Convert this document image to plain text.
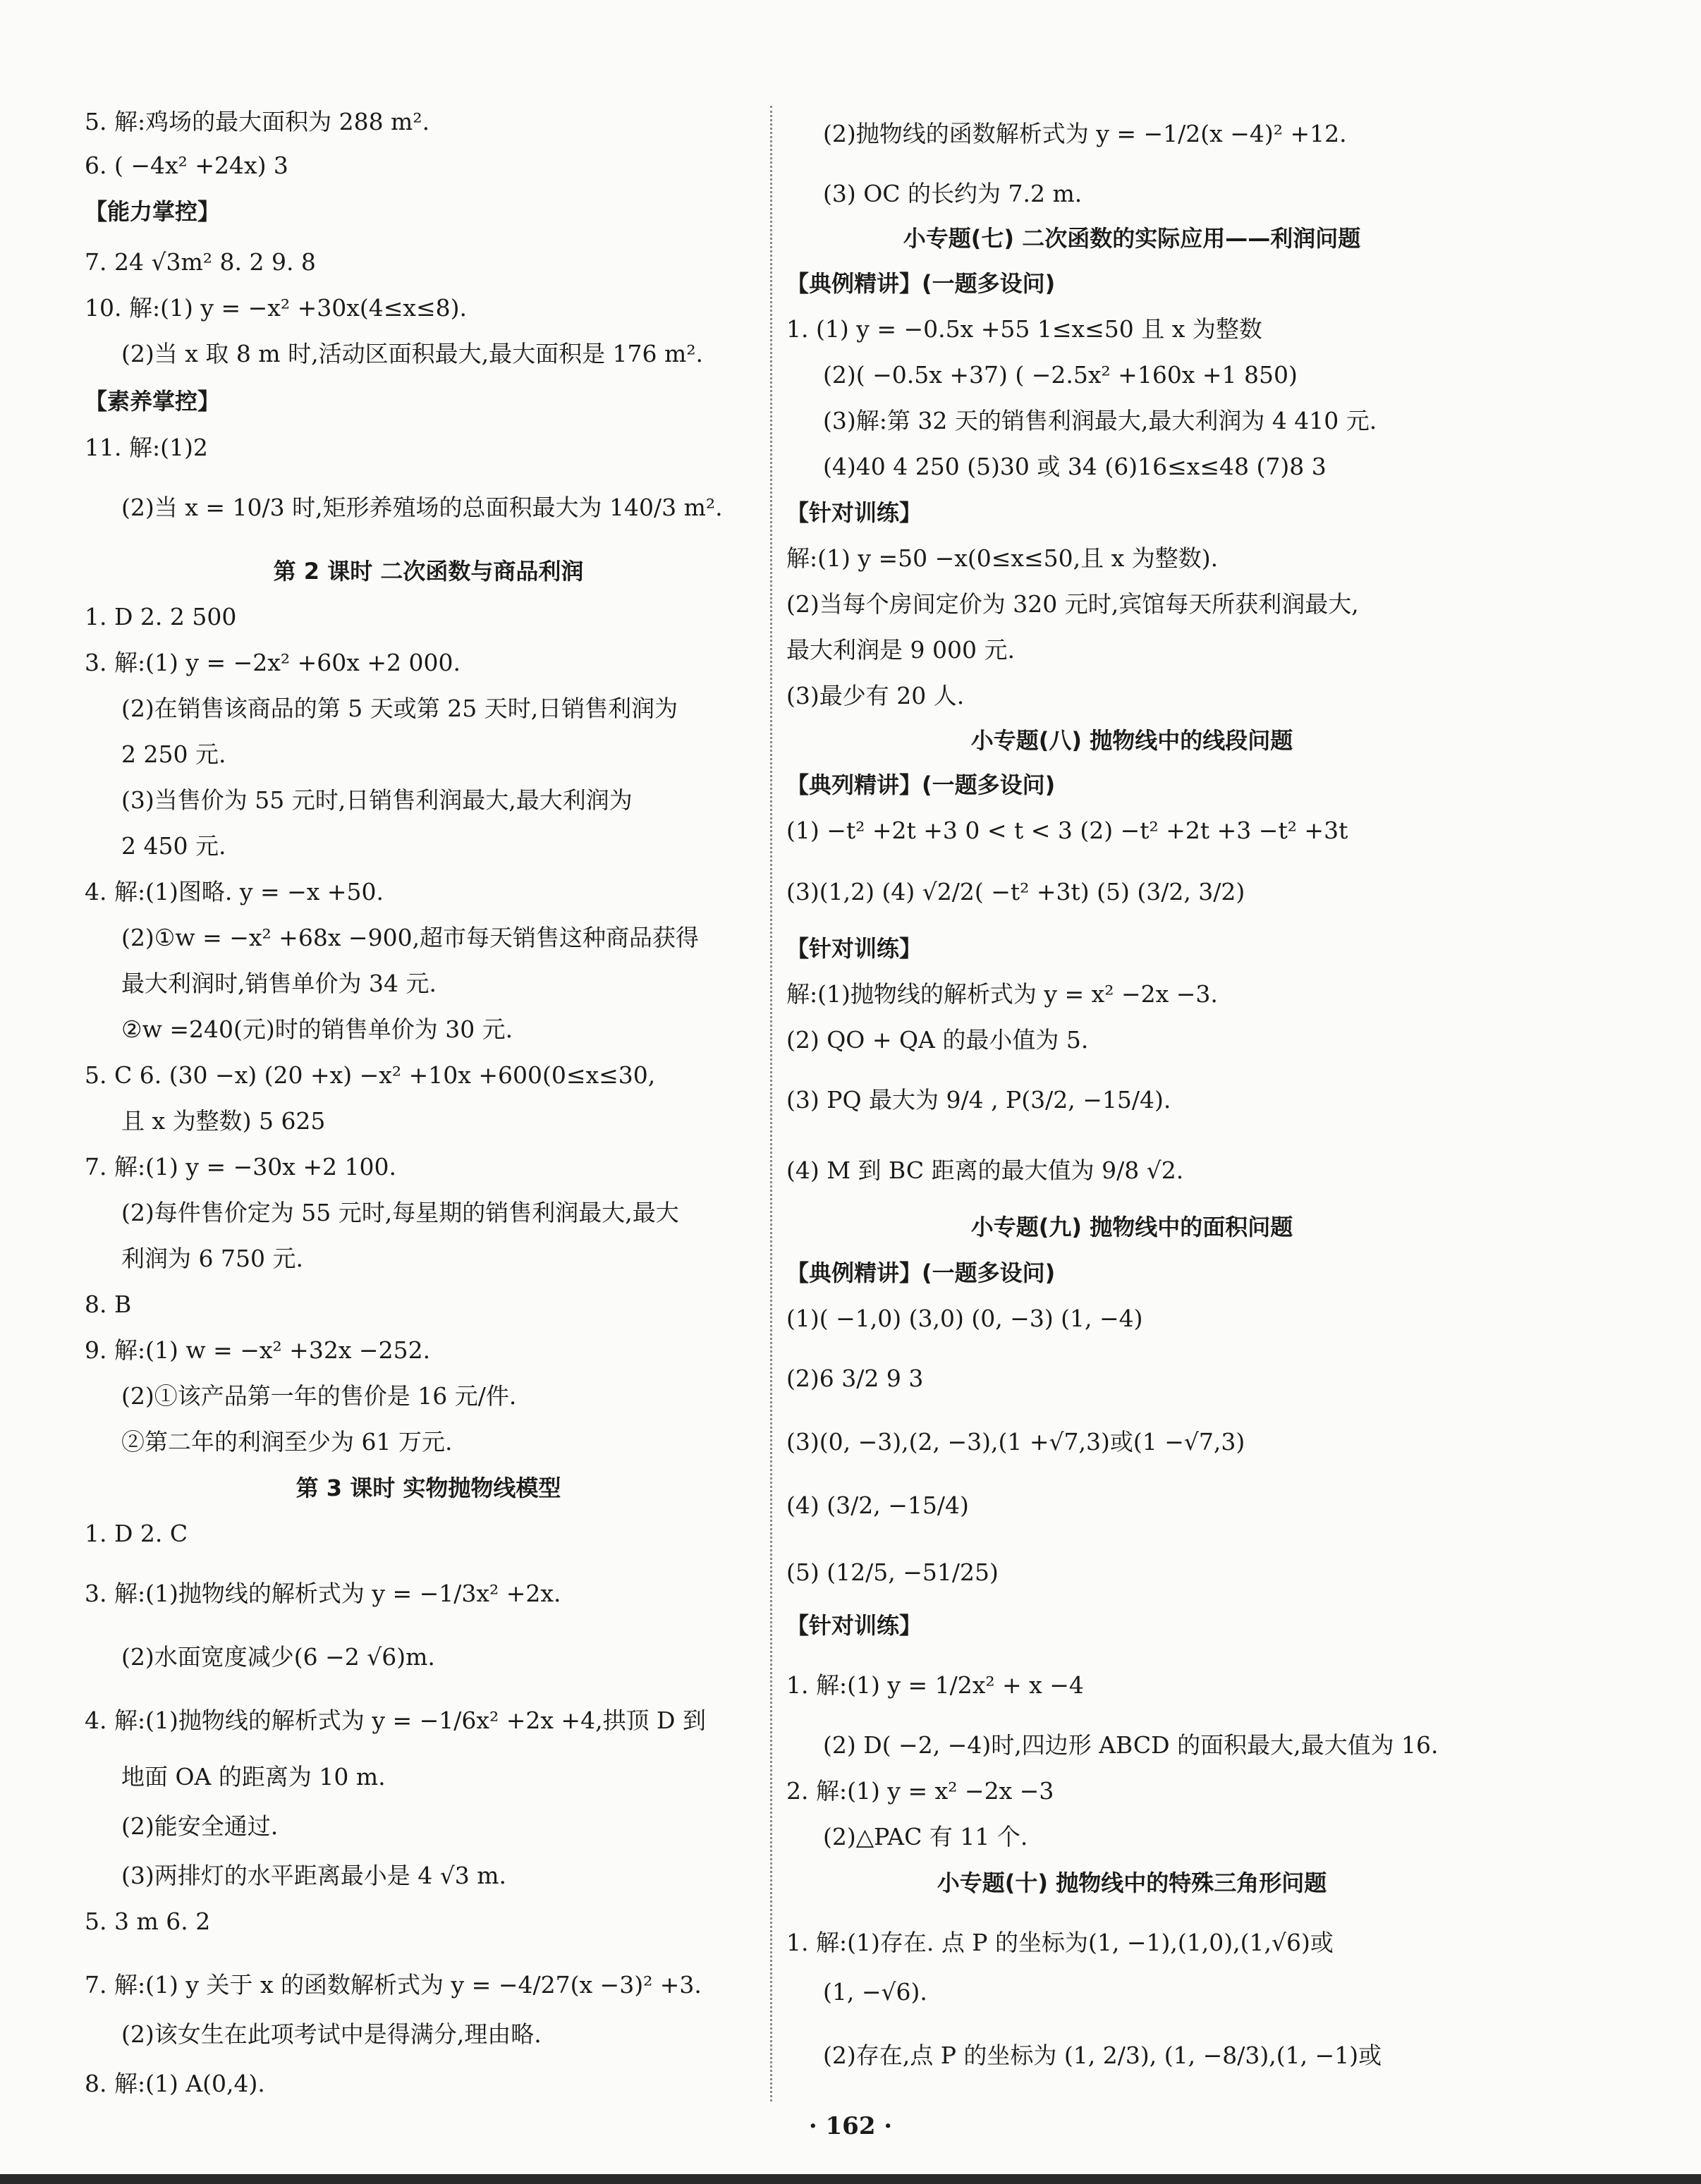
5. 解:鸡场的最大面积为 288 m².
6. ( −4x² +24x) 3
【能力掌控】
7. 24 √3m² 8. 2 9. 8
10. 解:(1) y = −x² +30x(4≤x≤8).
(2)当 x 取 8 m 时,活动区面积最大,最大面积是 176 m².
【素养掌控】
11. 解:(1)2
(2)当 x = 10/3 时,矩形养殖场的总面积最大为 140/3 m².
第 2 课时 二次函数与商品利润
1. D 2. 2 500
3. 解:(1) y = −2x² +60x +2 000.
(2)在销售该商品的第 5 天或第 25 天时,日销售利润为
2 250 元.
(3)当售价为 55 元时,日销售利润最大,最大利润为
2 450 元.
4. 解:(1)图略. y = −x +50.
(2)①w = −x² +68x −900,超市每天销售这种商品获得
最大利润时,销售单价为 34 元.
②w =240(元)时的销售单价为 30 元.
5. C 6. (30 −x) (20 +x) −x² +10x +600(0≤x≤30,
且 x 为整数) 5 625
7. 解:(1) y = −30x +2 100.
(2)每件售价定为 55 元时,每星期的销售利润最大,最大
利润为 6 750 元.
8. B
9. 解:(1) w = −x² +32x −252.
(2)①该产品第一年的售价是 16 元/件.
②第二年的利润至少为 61 万元.
第 3 课时 实物抛物线模型
1. D 2. C
3. 解:(1)抛物线的解析式为 y = −1/3x² +2x.
(2)水面宽度减少(6 −2 √6)m.
4. 解:(1)抛物线的解析式为 y = −1/6x² +2x +4,拱顶 D 到
地面 OA 的距离为 10 m.
(2)能安全通过.
(3)两排灯的水平距离最小是 4 √3 m.
5. 3 m 6. 2
7. 解:(1) y 关于 x 的函数解析式为 y = −4/27(x −3)² +3.
(2)该女生在此项考试中是得满分,理由略.
8. 解:(1) A(0,4).
(2)抛物线的函数解析式为 y = −1/2(x −4)² +12.
(3) OC 的长约为 7.2 m.
小专题(七) 二次函数的实际应用——利润问题
【典例精讲】(一题多设问)
1. (1) y = −0.5x +55 1≤x≤50 且 x 为整数
(2)( −0.5x +37) ( −2.5x² +160x +1 850)
(3)解:第 32 天的销售利润最大,最大利润为 4 410 元.
(4)40 4 250 (5)30 或 34 (6)16≤x≤48 (7)8 3
【针对训练】
解:(1) y =50 −x(0≤x≤50,且 x 为整数).
(2)当每个房间定价为 320 元时,宾馆每天所获利润最大,
最大利润是 9 000 元.
(3)最少有 20 人.
小专题(八) 抛物线中的线段问题
【典列精讲】(一题多设问)
(1) −t² +2t +3 0 < t < 3 (2) −t² +2t +3 −t² +3t
(3)(1,2) (4) √2/2( −t² +3t) (5) (3/2, 3/2)
【针对训练】
解:(1)抛物线的解析式为 y = x² −2x −3.
(2) QO + QA 的最小值为 5.
(3) PQ 最大为 9/4 , P(3/2, −15/4).
(4) M 到 BC 距离的最大值为 9/8 √2.
小专题(九) 抛物线中的面积问题
【典例精讲】(一题多设问)
(1)( −1,0) (3,0) (0, −3) (1, −4)
(2)6 3/2 9 3
(3)(0, −3),(2, −3),(1 +√7,3)或(1 −√7,3)
(4) (3/2, −15/4)
(5) (12/5, −51/25)
【针对训练】
1. 解:(1) y = 1/2x² + x −4
(2) D( −2, −4)时,四边形 ABCD 的面积最大,最大值为 16.
2. 解:(1) y = x² −2x −3
(2)△PAC 有 11 个.
小专题(十) 抛物线中的特殊三角形问题
1. 解:(1)存在. 点 P 的坐标为(1, −1),(1,0),(1,√6)或
(1, −√6).
(2)存在,点 P 的坐标为 (1, 2/3), (1, −8/3),(1, −1)或
· 162 ·
